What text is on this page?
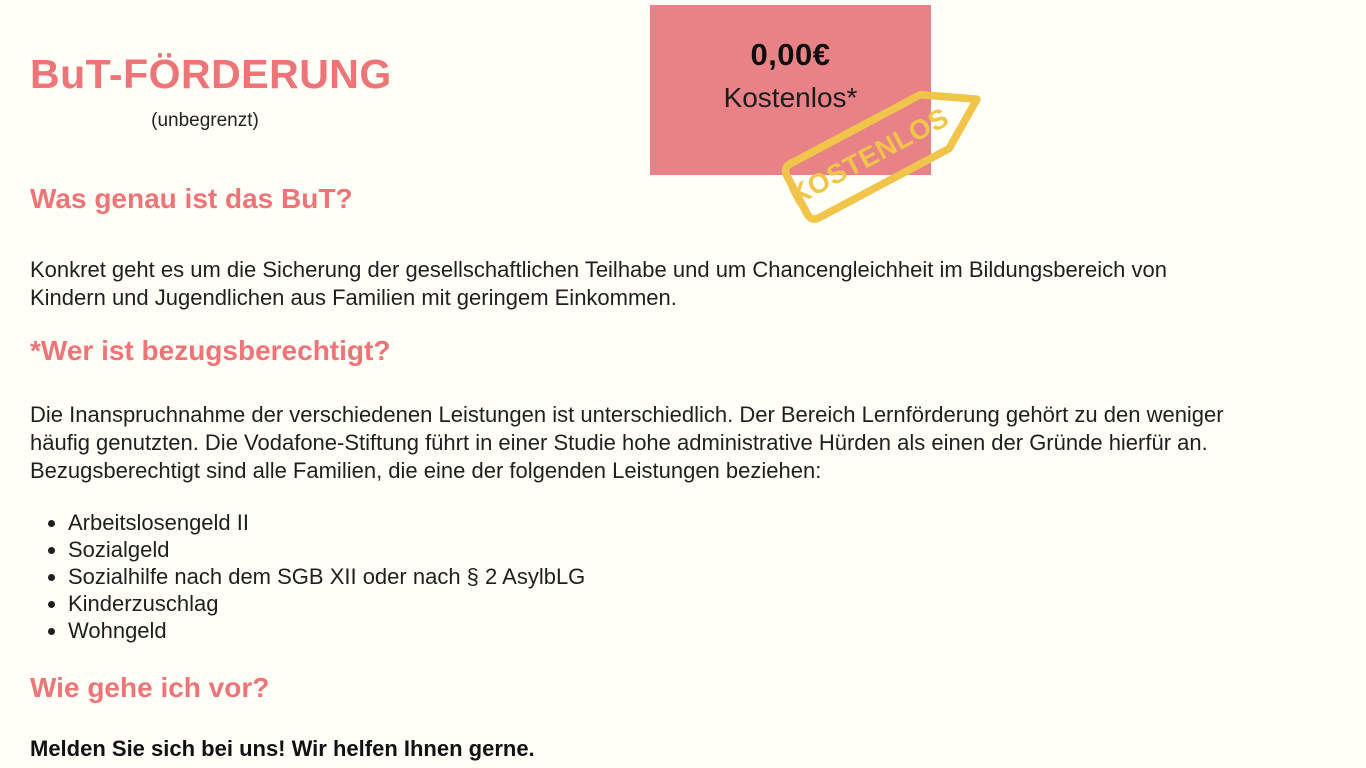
BuT-FÖRDERUNG
(unbegrenzt)
0,00€
Kostenlos*
KOSTENLOS
Was genau ist das BuT?
Konkret geht es um die Sicherung der gesellschaftlichen Teilhabe und um Chancengleichheit im Bildungsbereich von
Kindern und Jugendlichen aus Familien mit geringem Einkommen.
*Wer ist bezugsberechtigt?
Die Inanspruchnahme der verschiedenen Leistungen ist unterschiedlich. Der Bereich Lernförderung gehört zu den weniger
häufig genutzten. Die Vodafone-Stiftung führt in einer Studie hohe administrative Hürden als einen der Gründe hierfür an.
Bezugsberechtigt sind alle Familien, die eine der folgenden Leistungen beziehen:
• Arbeitslosengeld II
• Sozialgeld
• Sozialhilfe nach dem SGB XII oder nach § 2 AsylbLG
• Kinderzuschlag
• Wohngeld
Wie gehe ich vor?
Melden Sie sich bei uns! Wir helfen Ihnen gerne.
